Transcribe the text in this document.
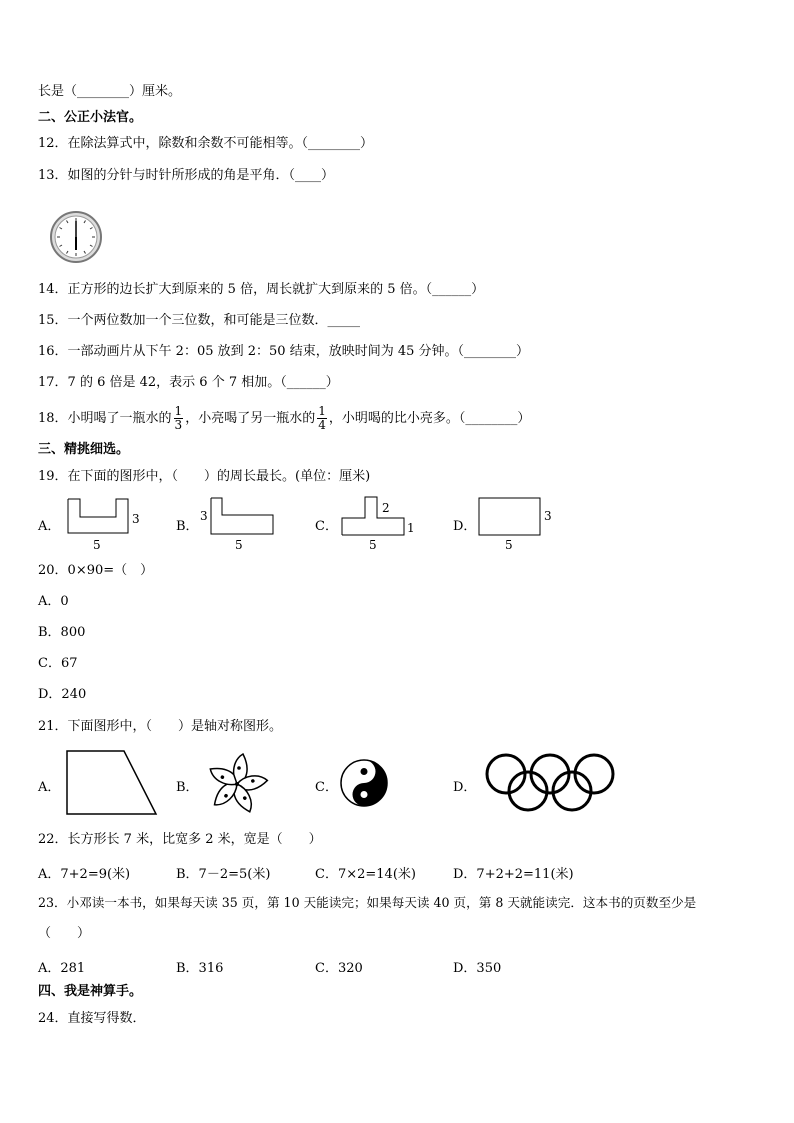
长是（________）厘米。
二、公正小法官。
12．在除法算式中，除数和余数不可能相等。（________）
13．如图的分针与时针所形成的角是平角．（____）
14．正方形的边长扩大到原来的 5 倍，周长就扩大到原来的 5 倍。（______）
15．一个两位数加一个三位数，和可能是三位数．_____
16．一部动画片从下午 2：05 放到 2：50 结束，放映时间为 45 分钟。（________）
17．7 的 6 倍是 42，表示 6 个 7 相加。（______）
18．小明喝了一瓶水的 $\frac{1}{3}$ ，小亮喝了另一瓶水的 $\frac{1}{4}$ ，小明喝的比小亮多。（________）
三、精挑细选。
19．在下面的图形中，（　　）的周长最长。(单位：厘米)
A．	3
5
B．
3
5
C．
2
1
5
D．
3
5
20．0×90=（　）
A．0
B．800
C．67
D．240
21．下面图形中，（　　）是轴对称图形。
A．	B．	C．	D．
22．长方形长 7 米，比宽多 2 米，宽是（　　）
A．7+2=9(米)	B．7－2=5(米)	C．7×2=14(米)	D．7+2+2=11(米)
23．小邓读一本书，如果每天读 35 页，第 10 天能读完；如果每天读 40 页，第 8 天就能读完．这本书的页数至少是
（　　）
A．281	B．316	C．320	D．350
四、我是神算手。
24．直接写得数．
